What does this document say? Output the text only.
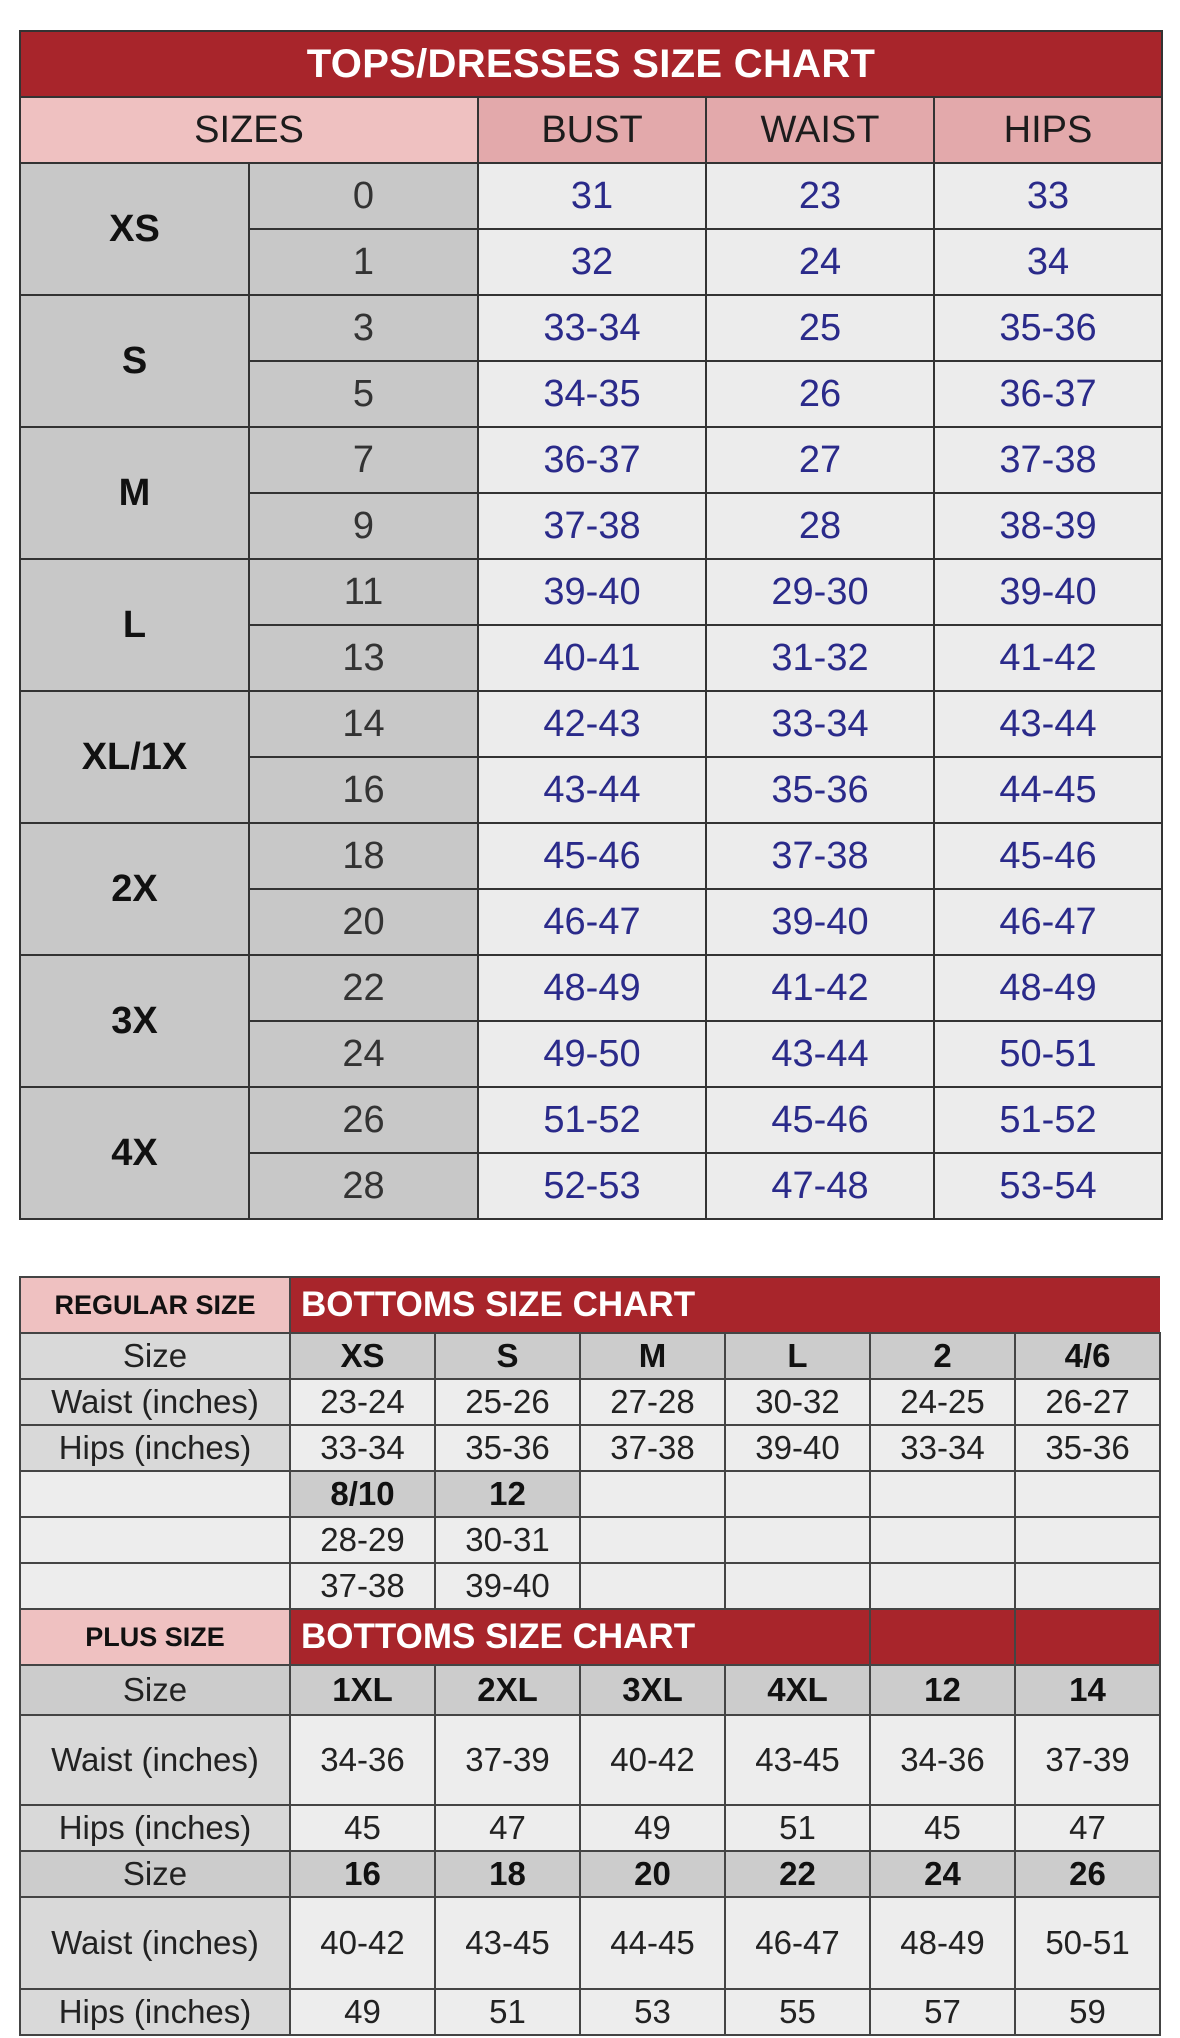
TOPS/DRESSES SIZE CHART				
SIZES		BUST	WAIST	HIPS
XS	0	31	23	33
	1	32	24	34
S	3	33-34	25	35-36
	5	34-35	26	36-37
M	7	36-37	27	37-38
	9	37-38	28	38-39
L	11	39-40	29-30	39-40
	13	40-41	31-32	41-42
XL/1X	14	42-43	33-34	43-44
	16	43-44	35-36	44-45
2X	18	45-46	37-38	45-46
	20	46-47	39-40	46-47
3X	22	48-49	41-42	48-49
	24	49-50	43-44	50-51
4X	26	51-52	45-46	51-52
	28	52-53	47-48	53-54
REGULAR SIZE	BOTTOMS SIZE CHART					
Size	XS	S	M	L	2	4/6
Waist (inches)	23-24	25-26	27-28	30-32	24-25	26-27
Hips (inches)	33-34	35-36	37-38	39-40	33-34	35-36
	8/10	12				
	28-29	30-31				
	37-38	39-40				
PLUS SIZE	BOTTOMS SIZE CHART					
Size	1XL	2XL	3XL	4XL	12	14
Waist (inches)	34-36	37-39	40-42	43-45	34-36	37-39
Hips (inches)	45	47	49	51	45	47
Size	16	18	20	22	24	26
Waist (inches)	40-42	43-45	44-45	46-47	48-49	50-51
Hips (inches)	49	51	53	55	57	59
